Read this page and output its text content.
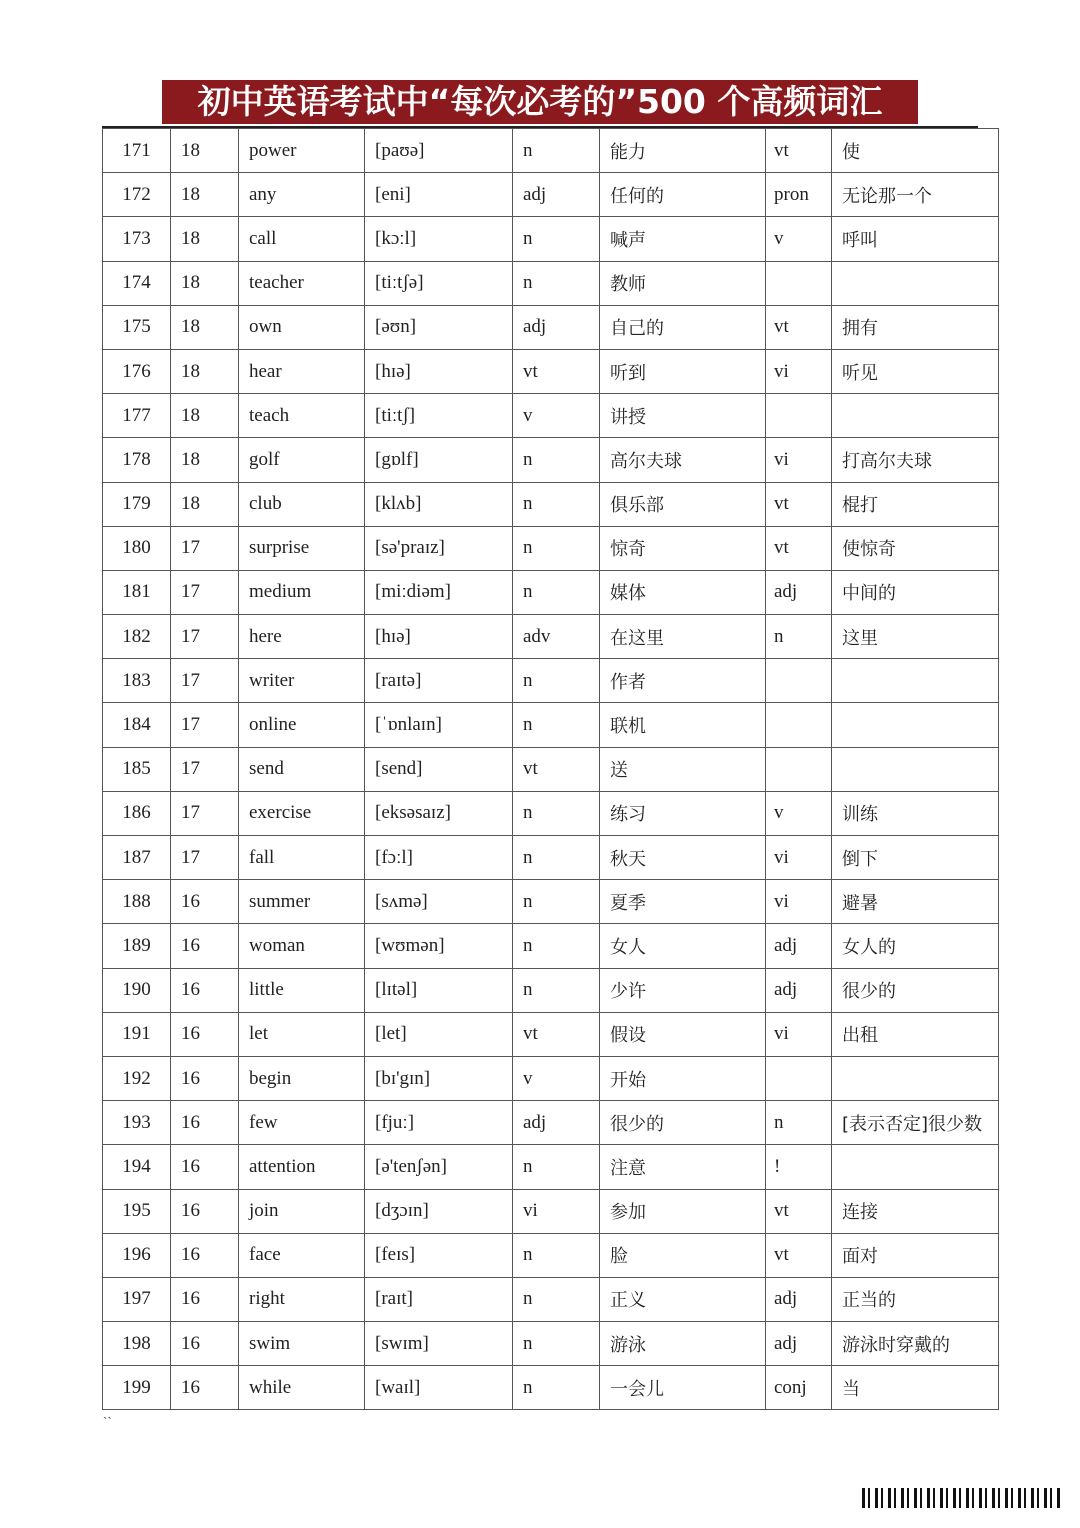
初中英语考试中“每次必考的”500 个高频词汇
171	18	power	[paʊə]	n	能力	vt	使
172	18	any	[eni]	adj	任何的	pron	无论那一个
173	18	call	[kɔːl]	n	喊声	v	呼叫
174	18	teacher	[tiːtʃə]	n	教师		
175	18	own	[əʊn]	adj	自己的	vt	拥有
176	18	hear	[hɪə]	vt	听到	vi	听见
177	18	teach	[tiːtʃ]	v	讲授		
178	18	golf	[gɒlf]	n	高尔夫球	vi	打高尔夫球
179	18	club	[klʌb]	n	俱乐部	vt	棍打
180	17	surprise	[sə'praɪz]	n	惊奇	vt	使惊奇
181	17	medium	[miːdiəm]	n	媒体	adj	中间的
182	17	here	[hɪə]	adv	在这里	n	这里
183	17	writer	[raɪtə]	n	作者		
184	17	online	[ˈɒnlaɪn]	n	联机		
185	17	send	[send]	vt	送		
186	17	exercise	[eksəsaɪz]	n	练习	v	训练
187	17	fall	[fɔːl]	n	秋天	vi	倒下
188	16	summer	[sʌmə]	n	夏季	vi	避暑
189	16	woman	[wʊmən]	n	女人	adj	女人的
190	16	little	[lɪtəl]	n	少许	adj	很少的
191	16	let	[let]	vt	假设	vi	出租
192	16	begin	[bɪ'gɪn]	v	开始		
193	16	few	[fjuː]	adj	很少的	n	[表示否定]很少数
194	16	attention	[ə'tenʃən]	n	注意	!	
195	16	join	[dʒɔɪn]	vi	参加	vt	连接
196	16	face	[feɪs]	n	脸	vt	面对
197	16	right	[raɪt]	n	正义	adj	正当的
198	16	swim	[swɪm]	n	游泳	adj	游泳时穿戴的
199	16	while	[waɪl]	n	一会儿	conj	当
``
